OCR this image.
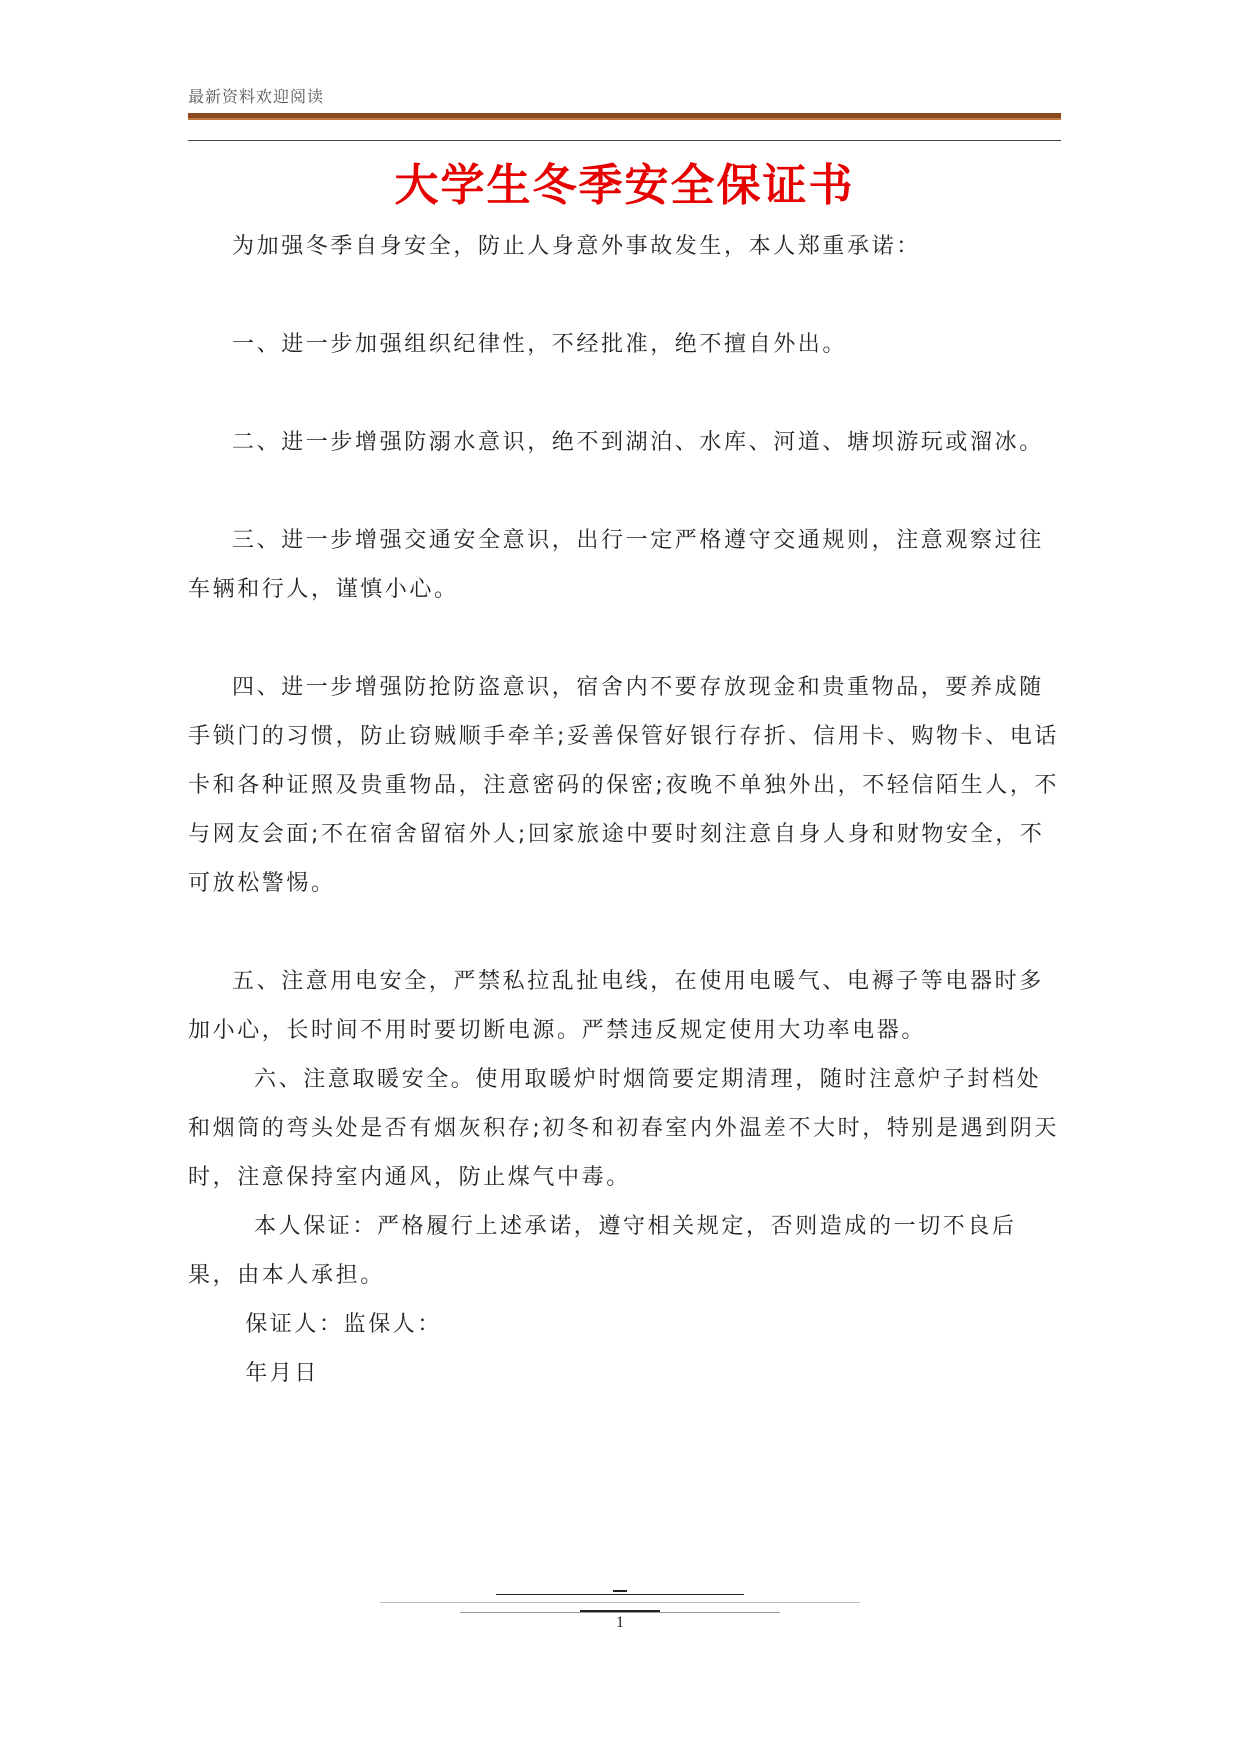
最新资料欢迎阅读
大学生冬季安全保证书

为加强冬季自身安全，防止人身意外事故发生，本人郑重承诺：

一、进一步加强组织纪律性，不经批准，绝不擅自外出。

二、进一步增强防溺水意识，绝不到湖泊、水库、河道、塘坝游玩或溜冰。

三、进一步增强交通安全意识，出行一定严格遵守交通规则，注意观察过往车辆和行人，谨慎小心。

四、进一步增强防抢防盗意识，宿舍内不要存放现金和贵重物品，要养成随手锁门的习惯，防止窃贼顺手牵羊;妥善保管好银行存折、信用卡、购物卡、电话卡和各种证照及贵重物品，注意密码的保密;夜晚不单独外出，不轻信陌生人，不与网友会面;不在宿舍留宿外人;回家旅途中要时刻注意自身人身和财物安全，不可放松警惕。

五、注意用电安全，严禁私拉乱扯电线，在使用电暖气、电褥子等电器时多加小心，长时间不用时要切断电源。严禁违反规定使用大功率电器。

六、注意取暖安全。使用取暖炉时烟筒要定期清理，随时注意炉子封档处和烟筒的弯头处是否有烟灰积存;初冬和初春室内外温差不大时，特别是遇到阴天时，注意保持室内通风，防止煤气中毒。

本人保证：严格履行上述承诺，遵守相关规定，否则造成的一切不良后果，由本人承担。

保证人：监保人：

年月日

1
